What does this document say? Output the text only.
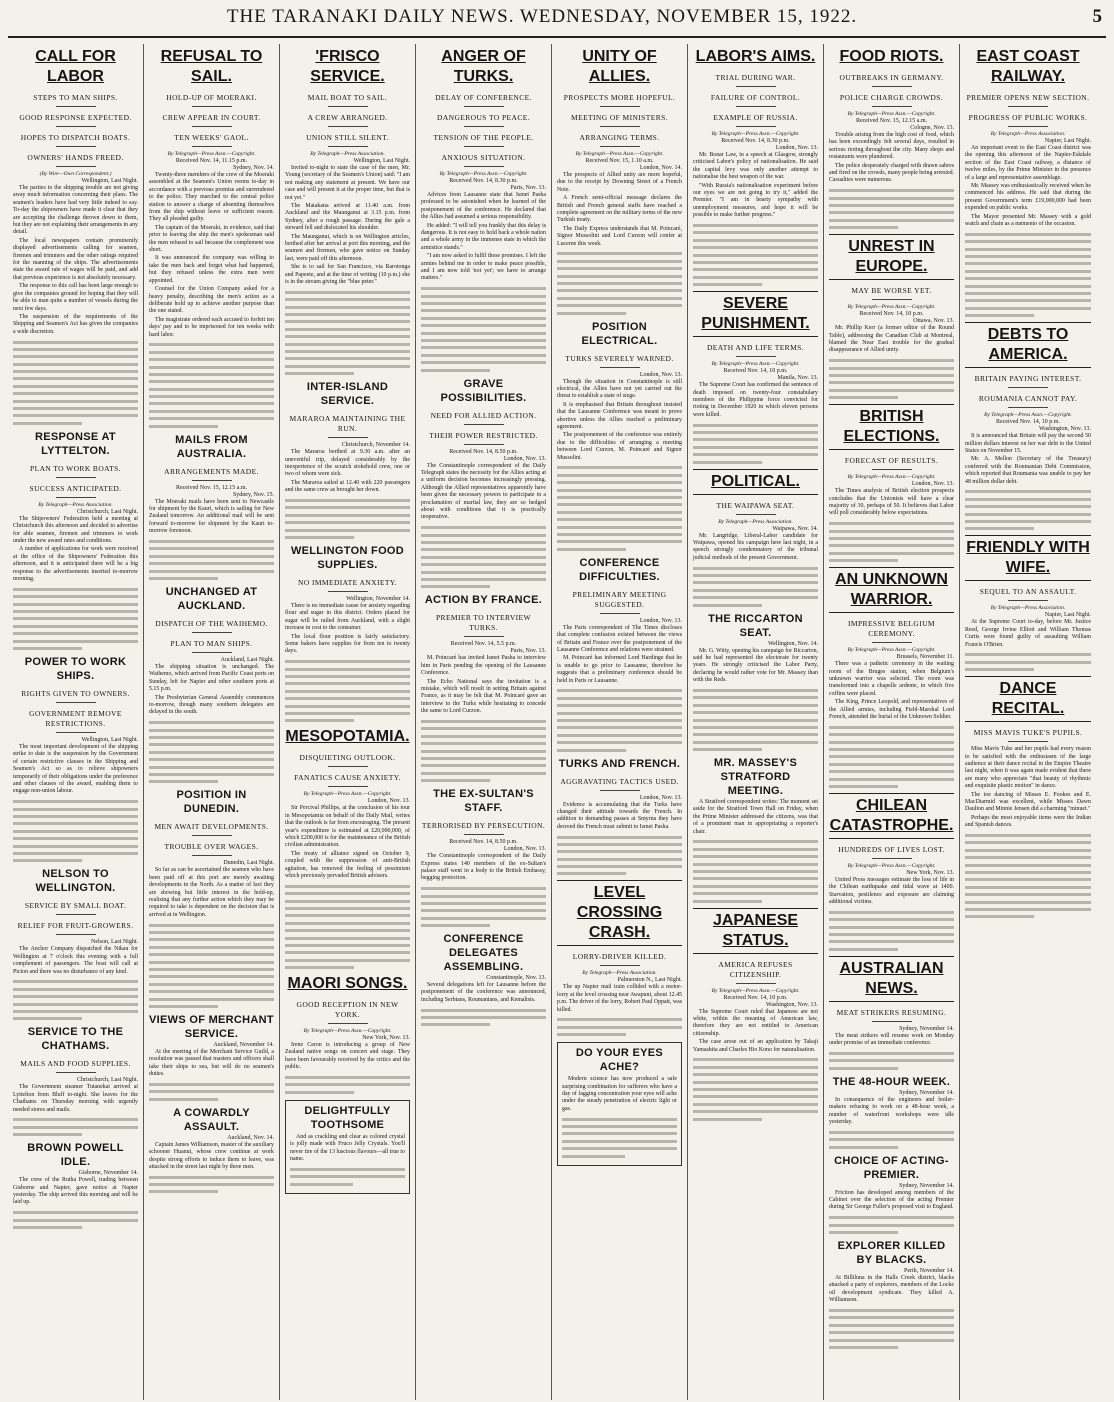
THE TARANAKI DAILY NEWS. WEDNESDAY, NOVEMBER 15, 1922.	5
CALL FOR LABOR
STEPS TO MAN SHIPS.
GOOD RESPONSE EXPECTED.
HOPES TO DISPATCH BOATS.
OWNERS' HANDS FREED.
(By Wire—Own Correspondent.)
Wellington, Last Night.

The parties to the shipping trouble are not giving away much information concerning their plans. The seamen's leaders have had very little indeed to say. To-day the shipowners have made it clear that they are accepting the challenge thrown down to them, but they are not explaining their arrangements in any detail.

The local newspapers contain prominently displayed advertisements calling for seamen, firemen and trimmers and the other ratings required for the manning of the ships. The advertisements state the award rate of wages will be paid, and add that previous experience is not absolutely necessary.

The response to this call has been large enough to give the companies ground for hoping that they will be able to man quite a number of vessels during the next few days.

The suspension of the requirements of the Shipping and Seamen's Act has given the companies a wide discretion.

RESPONSE AT LYTTELTON.
PLAN TO WORK BOATS.
SUCCESS ANTICIPATED.
By Telegraph—Press Association.
Christchurch, Last Night.

The Shipowners' Federation held a meeting at Christchurch this afternoon and decided to advertise for able seamen, firemen and trimmers to work under the new award rates and conditions.

A number of applications for work were received at the office of the Shipowners' Federation this afternoon, and it is anticipated there will be a big response to the advertisements inserted to-morrow morning.

POWER TO WORK SHIPS.
RIGHTS GIVEN TO OWNERS.
GOVERNMENT REMOVE RESTRICTIONS.
Wellington, Last Night.

The most important development of the shipping strike to date is the suspension by the Government of certain restrictive clauses in the Shipping and Seamen's Act so as to relieve shipowners temporarily of their obligations under the preference and other clauses of the award, enabling them to engage non-union labour.

NELSON TO WELLINGTON.
SERVICE BY SMALL BOAT.
RELIEF FOR FRUIT-GROWERS.
Nelson, Last Night.

The Anchor Company dispatched the Nikau for Wellington at 7 o'clock this evening with a full complement of passengers. The boat will call at Picton and there was no disturbance of any kind.

SERVICE TO THE CHATHAMS.
MAILS AND FOOD SUPPLIES.
Christchurch, Last Night.

The Government steamer Tutanekai arrived at Lyttelton from Bluff to-night. She leaves for the Chathams on Thursday morning with urgently needed stores and mails.

BROWN POWELL IDLE.
Gisborne, November 14.

The crew of the Rutha Powell, trading between Gisborne and Napier, gave notice at Napier yesterday. The ship arrived this morning and will be laid up.

REFUSAL TO SAIL.
HOLD-UP OF MOERAKI.
CREW APPEAR IN COURT.
TEN WEEKS' GAOL.
By Telegraph—Press Assn.—Copyright.
Received Nov. 14, 11.15 p.m.
Sydney, Nov. 14.

Twenty-three members of the crew of the Moeraki assembled at the Seamen's Union rooms to-day in accordance with a previous promise and surrendered to the police. They marched to the central police station to answer a charge of absenting themselves from the ship without leave or sufficient reason. They all pleaded guilty.

The captain of the Moeraki, in evidence, said that prior to leaving the ship the men's spokesman said the men refused to sail because the complement was short.

It was announced the company was willing to take the men back and forget what had happened, but they refused unless the extra men were appointed.

Counsel for the Union Company asked for a heavy penalty, describing the men's action as a deliberate hold up to achieve another purpose than the one stated.

The magistrate ordered each accused to forfeit ten days' pay and to be imprisoned for ten weeks with hard labor.

MAILS FROM AUSTRALIA.
ARRANGEMENTS MADE.
Received Nov. 15, 12.15 a.m.
Sydney, Nov. 15.

The Moeraki mails have been sent to Newcastle for shipment by the Kauri, which is sailing for New Zealand tomorrow. An additional mail will be sent forward to-morrow for shipment by the Kauri to-morrow forenoon.

UNCHANGED AT AUCKLAND.
DISPATCH OF THE WAIHEMO.
PLAN TO MAN SHIPS.
Auckland, Last Night.

The shipping situation is unchanged. The Waihemo, which arrived from Pacific Coast ports on Sunday, left for Napier and other southern ports at 5.15 p.m.

The Presbyterian General Assembly commences to-morrow, though many southern delegates are delayed in the south.

POSITION IN DUNEDIN.
MEN AWAIT DEVELOPMENTS.
TROUBLE OVER WAGES.
Dunedin, Last Night.

So far as can be ascertained the seamen who have been paid off at this port are merely awaiting developments in the North. As a matter of fact they are showing but little interest in the hold-up, realising that any further action which they may be required to take is dependent on the decision that is arrived at in Wellington.

VIEWS OF MERCHANT SERVICE.
Auckland, November 14.

At the meeting of the Merchant Service Guild, a resolution was passed that masters and officers shall take their ships to sea, but will do no seamen's duties.

A COWARDLY ASSAULT.
Auckland, Nov. 14.

Captain James Williamson, master of the auxiliary schooner Huanui, whose crew continue at work despite strong efforts to induce them to leave, was attacked in the street last night by three men.

'FRISCO SERVICE.
MAIL BOAT TO SAIL.
A CREW ARRANGED.
UNION STILL SILENT.
By Telegraph—Press Association.
Wellington, Last Night.

Invited to-night to state the case of the men, Mr. Young (secretary of the Seamen's Union) said: "I am not making any statement at present. We have our case and will present it at the proper time, but that is not yet."

The Matakana arrived at 11.40 a.m. from Auckland and the Maunganui at 3.15 p.m. from Sydney, after a rough passage. During the gale a steward fell and dislocated his shoulder.

The Maunganui, which is on Wellington articles, berthed after her arrival at port this morning, and the seamen and firemen, who gave notice on Sunday last, were paid off this afternoon.

She is to sail for San Francisco, via Rarotonga and Papeete, and at the time of writing (10 p.m.) she is in the stream giving the "blue peter."

INTER-ISLAND SERVICE.
MARAROA MAINTAINING THE RUN.
Christchurch, November 14.

The Mararoa berthed at 9.30 a.m. after an uneventful trip, delayed considerably by the inexperience of the scratch stokehold crew, one or two of whom were sick.

The Mararoa sailed at 12.40 with 220 passengers and the same crew as brought her down.

WELLINGTON FOOD SUPPLIES.
NO IMMEDIATE ANXIETY.
Wellington, November 14.

There is no immediate cause for anxiety regarding flour and sugar in this district. Orders placed for sugar will be railed from Auckland, with a slight increase in cost to the consumer.

The local flour position is fairly satisfactory. Some bakers have supplies for from ten to twenty days.

MESOPOTAMIA.
DISQUIETING OUTLOOK.
FANATICS CAUSE ANXIETY.
By Telegraph—Press Assn.—Copyright.
London, Nov. 13.

Sir Percival Phillips, at the conclusion of his tour in Mesopotamia on behalf of the Daily Mail, writes that the outlook is far from encouraging. The present year's expenditure is estimated at £20,000,000, of which £200,000 is for the maintenance of the British civilian administration.

The treaty of alliance signed on October 9, coupled with the suppression of anti-British agitation, has removed the feeling of pessimism which previously pervaded British advisers.

MAORI SONGS.
GOOD RECEPTION IN NEW YORK.
By Telegraph—Press Assn.—Copyright.
New York, Nov. 13.

Irene Caron is introducing a group of New Zealand native songs on concert and stage. They have been favourably received by the critics and the public.

DELIGHTFULLY TOOTHSOME

And as crackling and clear as colored crystal is jolly made with Fruco Jelly Crystals. You'll never tire of the 13 luscious flavours—all true to name.

ANGER OF TURKS.
DELAY OF CONFERENCE.
DANGEROUS TO PEACE.
TENSION OF THE PEOPLE.
ANXIOUS SITUATION.
By Telegraph—Press Assn.—Copyright.
Received Nov. 14, 8.30 p.m.
Paris, Nov. 13.

Advices from Lausanne state that Ismet Pasha professed to be astonished when he learned of the postponement of the conference. He declared that the Allies had assumed a serious responsibility.

He added: "I will tell you frankly that this delay is dangerous. It is not easy to hold back a whole nation and a whole army in the immense state in which the armistice stands."

"I am now asked to fulfil these promises. I left the armies behind me in order to make peace possible, and I am now told 'not yet'; we have to arrange matters."

GRAVE POSSIBILITIES.
NEED FOR ALLIED ACTION.
THEIR POWER RESTRICTED.
Received Nov. 14, 8.50 p.m.
London, Nov. 13.

The Constantinople correspondent of the Daily Telegraph states the necessity for the Allies acting at a uniform decision becomes increasingly pressing. Although the Allied representatives apparently have been given the necessary powers to participate in a proclamation of martial law, they are so hedged about with conditions that it is practically inoperative.

ACTION BY FRANCE.
PREMIER TO INTERVIEW TURKS.
Received Nov. 14, 5.5 p.m.
Paris, Nov. 13.

M. Poincaré has invited Ismet Pasha to interview him in Paris pending the opening of the Lausanne Conference.

The Echo National says the invitation is a mistake, which will result in setting Britain against France, as it may be felt that M. Poincaré gave an interview to the Turks while hesitating to concede the same to Lord Curzon.

THE EX-SULTAN'S STAFF.
TERRORISED BY PERSECUTION.
Received Nov. 14, 8.50 p.m.
London, Nov. 13.

The Constantinople correspondent of the Daily Express states 140 members of the ex-Sultan's palace staff went in a body to the British Embassy, begging protection.

CONFERENCE DELEGATES ASSEMBLING.
Constantinople, Nov. 13.

Several delegations left for Lausanne before the postponement of the conference was announced, including Serbians, Roumanians, and Kemalists.

UNITY OF ALLIES.
PROSPECTS MORE HOPEFUL.
MEETING OF MINISTERS.
ARRANGING TERMS.
By Telegraph—Press Assn.—Copyright.
Received Nov. 15, 1.10 a.m.
London, Nov. 14.

The prospects of Allied unity are more hopeful, due to the receipt by Downing Street of a French Note.

A French semi-official message declares the British and French general staffs have reached a complete agreement on the military terms of the new Turkish treaty.

The Daily Express understands that M. Poincaré, Signor Mussolini and Lord Curzon will confer at Lucerne this week.

POSITION ELECTRICAL.
TURKS SEVERELY WARNED.
London, Nov. 13.

Though the situation in Constantinople is still electrical, the Allies have not yet carried out the threat to establish a state of siege.

It is emphasised that Britain throughout insisted that the Lausanne Conference was meant to prove abortive unless the Allies reached a preliminary agreement.

The postponement of the conference was entirely due to the difficulties of arranging a meeting between Lord Curzon, M. Poincaré and Signor Mussolini.

CONFERENCE DIFFICULTIES.
PRELIMINARY MEETING SUGGESTED.
London, Nov. 13.

The Paris correspondent of The Times discloses that complete confusion existed between the views of Britain and France over the postponement of the Lausanne Conference and relations were strained.

M. Poincaré has informed Lord Hardinge that he is unable to go prior to Lausanne, therefore he suggests that a preliminary conference should be held in Paris or Lausanne.

TURKS AND FRENCH.
AGGRAVATING TACTICS USED.
London, Nov. 13.

Evidence is accumulating that the Turks have changed their attitude towards the French. In addition to demanding passes at Smyrna they have decreed the French must submit to Ismet Pasha.

LEVEL CROSSING CRASH.
LORRY-DRIVER KILLED.
By Telegraph—Press Association.
Palmerston N., Last Night.

The up Napier mail train collided with a motor-lorry at the level crossing near Awapuni, about 12.45 p.m. The driver of the lorry, Robert Paul Oppatt, was killed.

DO YOUR EYES ACHE?

Modern science has now produced a safe surprising combination for sufferers who have a day of fagging concentration your eyes will ache under the steady penetration of electric light or gas.

LABOR'S AIMS.
TRIAL DURING WAR.
FAILURE OF CONTROL.
EXAMPLE OF RUSSIA.
By Telegraph—Press Assn.—Copyright.
Received Nov. 14, 8.30 p.m.
London, Nov. 13.

Mr. Bonar Law, in a speech at Glasgow, strongly criticised Labor's policy of nationalisation. He said the capital levy was only another attempt to nationalise the best weapon of the war.

"With Russia's nationalisation experiment before our eyes we are not going to try it," added the Premier. "I am in hearty sympathy with unemployment measures, and hope it will be possible to make further progress."

SEVERE PUNISHMENT.
DEATH AND LIFE TERMS.
By Telegraph—Press Assn.—Copyright.
Received Nov. 14, 10 p.m.
Manila, Nov. 13.

The Supreme Court has confirmed the sentence of death imposed on twenty-four constabulary members of the Philippine force convicted for rioting in December 1920 in which eleven persons were killed.

POLITICAL.
THE WAIPAWA SEAT.
By Telegraph—Press Association.
Waipawa, Nov. 14.

Mr. Langridge, Liberal-Labor candidate for Waipawa, opened his campaign here last night, in a speech strongly condemnatory of the tribunal judicial methods of the present Government.

THE RICCARTON SEAT.
Wellington, Nov. 14.

Mr. G. Witty, opening his campaign for Riccarton, said he had represented the electorate for twenty years. He strongly criticised the Labor Party, declaring he would rather vote for Mr. Massey than with the Reds.

MR. MASSEY'S STRATFORD MEETING.

A Stratford correspondent writes: The moment set aside for the Stratford Town Hall on Friday, when the Prime Minister addressed the citizens, was that of a prominent man in appropriating a reporter's chair.

JAPANESE STATUS.
AMERICA REFUSES CITIZENSHIP.
By Telegraph—Press Assn.—Copyright.
Received Nov. 14, 10 p.m.
Washington, Nov. 13.

The Supreme Court ruled that Japanese are not white, within the meaning of American law, therefore they are not entitled to American citizenship.

The case arose out of an application by Takaji Yamashita and Charles Hio Kono for naturalisation.

FOOD RIOTS.
OUTBREAKS IN GERMANY.
POLICE CHARGE CROWDS.
By Telegraph—Press Assn.—Copyright.
Received Nov. 15, 12.15 a.m.
Cologne, Nov. 13.

Trouble arising from the high cost of food, which has been exceedingly felt several days, resulted in serious rioting throughout the city. Many shops and restaurants were plundered.

The police desperately charged with drawn sabres and fired on the crowds, many people being arrested. Casualties were numerous.

UNREST IN EUROPE.
MAY BE WORSE YET.
By Telegraph—Press Assn.—Copyright.
Received Nov. 14, 10 p.m.
Ottawa, Nov. 13.

Mr. Phillip Kerr (a former editor of the Round Table), addressing the Canadian Club at Montreal, blamed the Near East trouble for the gradual disappearance of Allied unity.

BRITISH ELECTIONS.
FORECAST OF RESULTS.
By Telegraph—Press Assn.—Copyright.
London, Nov. 13.

The Times analysis of British election prospects concludes that the Unionists will have a clear majority of 30, perhaps of 50. It believes that Labor will poll considerably below expectations.

AN UNKNOWN WARRIOR.
IMPRESSIVE BELGIUM CEREMONY.
By Telegraph—Press Assn.—Copyright.
Brussels, November 11.

There was a pathetic ceremony in the waiting room of the Bruges station, when Belgium's unknown warrior was selected. The room was transformed into a chapelle ardente, in which five coffins were placed.

The King, Prince Leopold, and representatives of the Allied armies, including Field-Marshal Lord French, attended the burial of the Unknown Soldier.

CHILEAN CATASTROPHE.
HUNDREDS OF LIVES LOST.
By Telegraph—Press Assn.—Copyright.
New York, Nov. 13.

United Press messages estimate the loss of life in the Chilean earthquake and tidal wave at 1400. Starvation, pestilence and exposure are claiming additional victims.

AUSTRALIAN NEWS.
MEAT STRIKERS RESUMING.
Sydney, November 14.

The meat strikers will resume work on Monday under promise of an immediate conference.

THE 48-HOUR WEEK.
Sydney, November 14.

In consequence of the engineers and boiler-makers refusing to work on a 48-hour week, a number of waterfront workshops were idle yesterday.

CHOICE OF ACTING-PREMIER.
Sydney, November 14.

Friction has developed among members of the Cabinet over the selection of the acting Premier during Sir George Fuller's proposed visit to England.

EXPLORER KILLED BY BLACKS.
Perth, November 14.

At Billiluna in the Halls Creek district, blacks attacked a party of explorers, members of the Locke oil development syndicate. They killed A. Williamson.

EAST COAST RAILWAY.
PREMIER OPENS NEW SECTION.
PROGRESS OF PUBLIC WORKS.
By Telegraph—Press Association.
Napier, Last Night.

An important event to the East Coast district was the opening this afternoon of the Napier-Eskdale section of the East Coast railway, a distance of twelve miles, by the Prime Minister in the presence of a large and representative assemblage.

Mr. Massey was enthusiastically received when he commenced his address. He said that during the present Government's term £19,000,000 had been expended on public works.

The Mayor presented Mr. Massey with a gold watch and chain as a memento of the occasion.

DEBTS TO AMERICA.
BRITAIN PAYING INTEREST.
ROUMANIA CANNOT PAY.
By Telegraph—Press Assn.—Copyright.
Received Nov. 14, 10 p.m.
Washington, Nov. 13.

It is announced that Britain will pay the second 50 million dollars interest on her war debt to the United States on November 15.

Mr. A. Mellon (Secretary of the Treasury) conferred with the Roumanian Debt Commission, which reported that Roumania was unable to pay her 48 million dollar debt.

FRIENDLY WITH WIFE.
SEQUEL TO AN ASSAULT.
By Telegraph—Press Association.
Napier, Last Night.

At the Supreme Court to-day, before Mr. Justice Reed, George Irvine Elliott and William Thomas Curtis were found guilty of assaulting William Francis O'Brien.

DANCE RECITAL.
MISS MAVIS TUKE'S PUPILS.

Miss Mavis Tuke and her pupils had every reason to be satisfied with the enthusiasm of the large audience at their dance recital in the Empire Theatre last night, when it was again made evident that there are many who appreciate "that beauty of rhythmic and exquisite plastic motion" in dance.

The toe dancing of Misses E. Fookes and E. MacDiarmid was excellent, while Misses Dawn Daulton and Minnie Jensen did a charming "minuet."

Perhaps the most enjoyable items were the Indian and Spanish dances.
